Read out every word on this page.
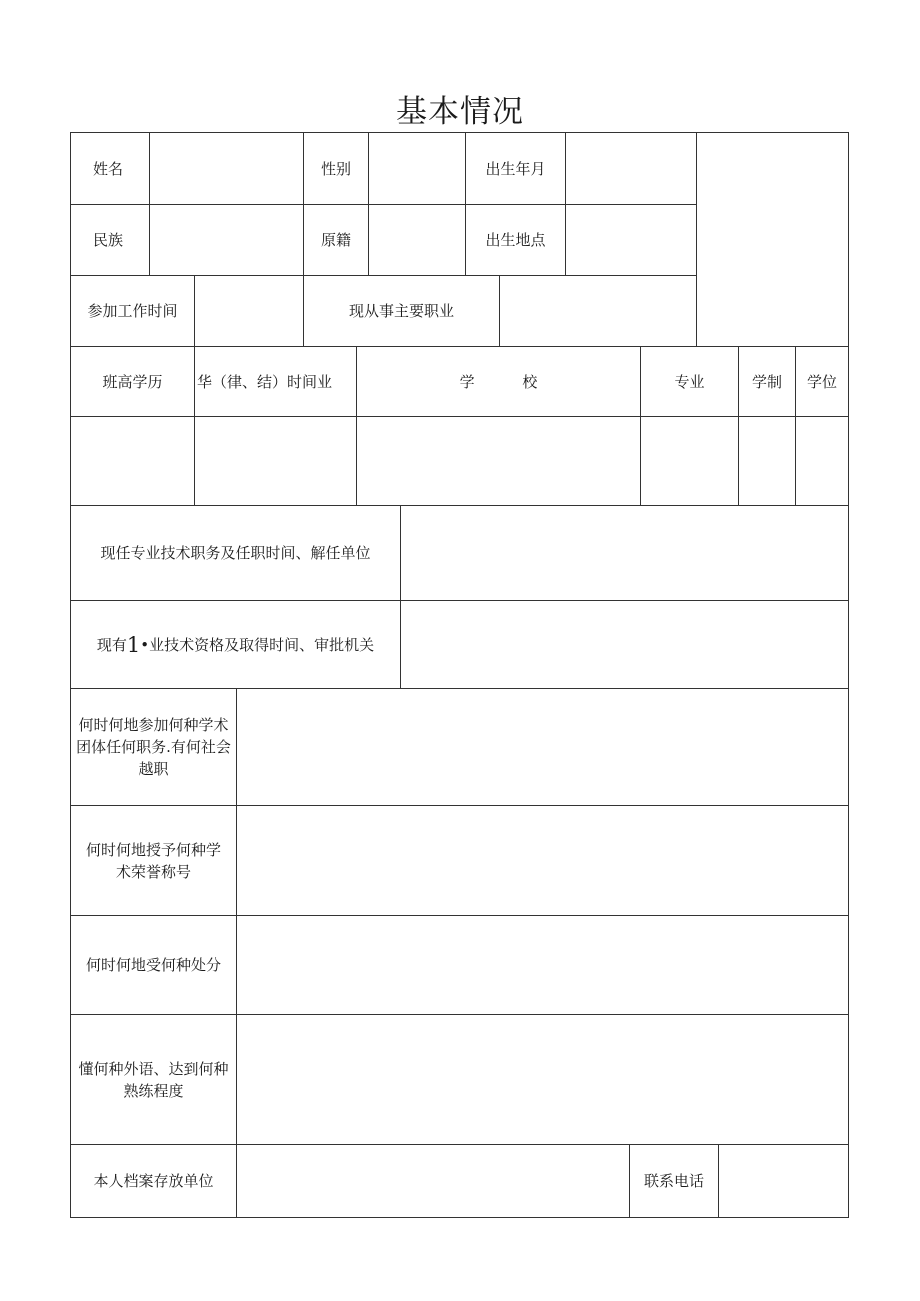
基本情况
姓名	性别	出生年月
民族	原籍	出生地点
参加工作时间	现从事主要职业
班高学历	华（律、结）时间业	学          校	专业	学制	学位
现任专业技术职务及任职时间、解任单位
现有 1 •业技术资格及取得时间、审批机关
何时何地参加何种学术团体任何职务.有何社会越职
何时何地授予何种学术荣誉称号
何时何地受何种处分
懂何种外语、达到何种熟练程度
本人档案存放单位	联系电话
